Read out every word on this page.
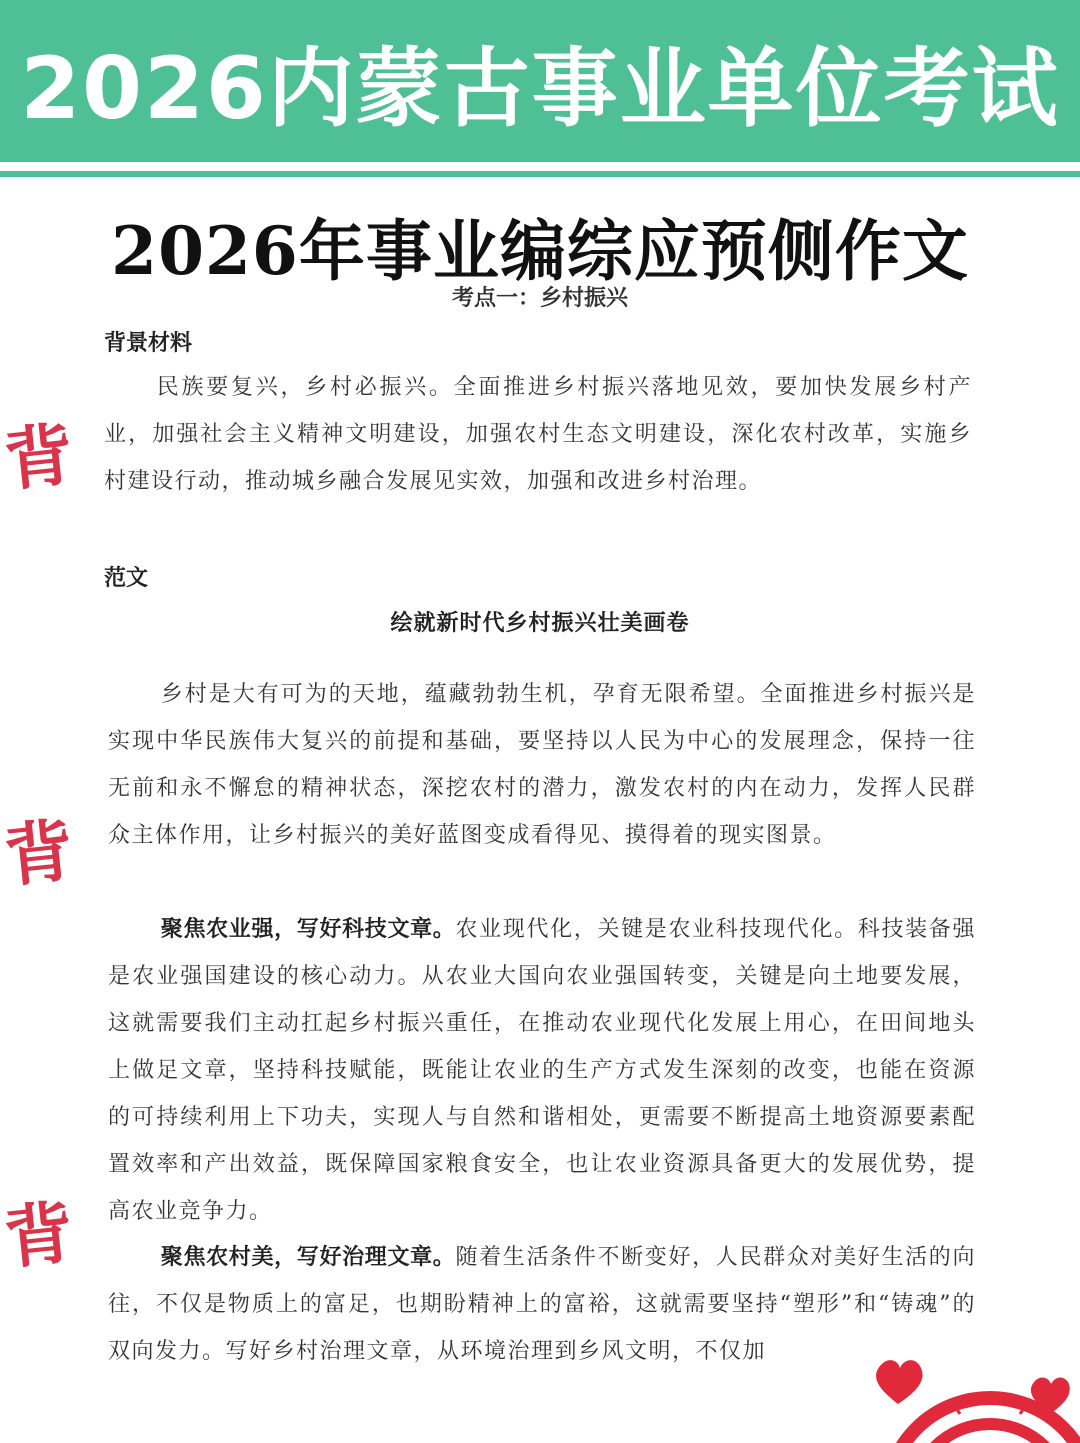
2026内蒙古事业单位考试
2026年事业编综应预侧作文
考点一：乡村振兴
背景材料

民族要复兴，乡村必振兴。全面推进乡村振兴落地见效，要加快发展乡村产业，加强社会主义精神文明建设，加强农村生态文明建设，深化农村改革，实施乡村建设行动，推动城乡融合发展见实效，加强和改进乡村治理。

范文
绘就新时代乡村振兴壮美画卷

乡村是大有可为的天地，蕴藏勃勃生机，孕育无限希望。全面推进乡村振兴是实现中华民族伟大复兴的前提和基础，要坚持以人民为中心的发展理念，保持一往无前和永不懈怠的精神状态，深挖农村的潜力，激发农村的内在动力，发挥人民群众主体作用，让乡村振兴的美好蓝图变成看得见、摸得着的现实图景。

聚焦农业强，写好科技文章。农业现代化，关键是农业科技现代化。科技装备强是农业强国建设的核心动力。从农业大国向农业强国转变，关键是向土地要发展，这就需要我们主动扛起乡村振兴重任，在推动农业现代化发展上用心，在田间地头上做足文章，坚持科技赋能，既能让农业的生产方式发生深刻的改变，也能在资源的可持续利用上下功夫，实现人与自然和谐相处，更需要不断提高土地资源要素配置效率和产出效益，既保障国家粮食安全，也让农业资源具备更大的发展优势，提高农业竞争力。

聚焦农村美，写好治理文章。随着生活条件不断变好，人民群众对美好生活的向往，不仅是物质上的富足，也期盼精神上的富裕，这就需要坚持“塑形”和“铸魂”的双向发力。写好乡村治理文章，从环境治理到乡风文明，不仅加

背
背
背
